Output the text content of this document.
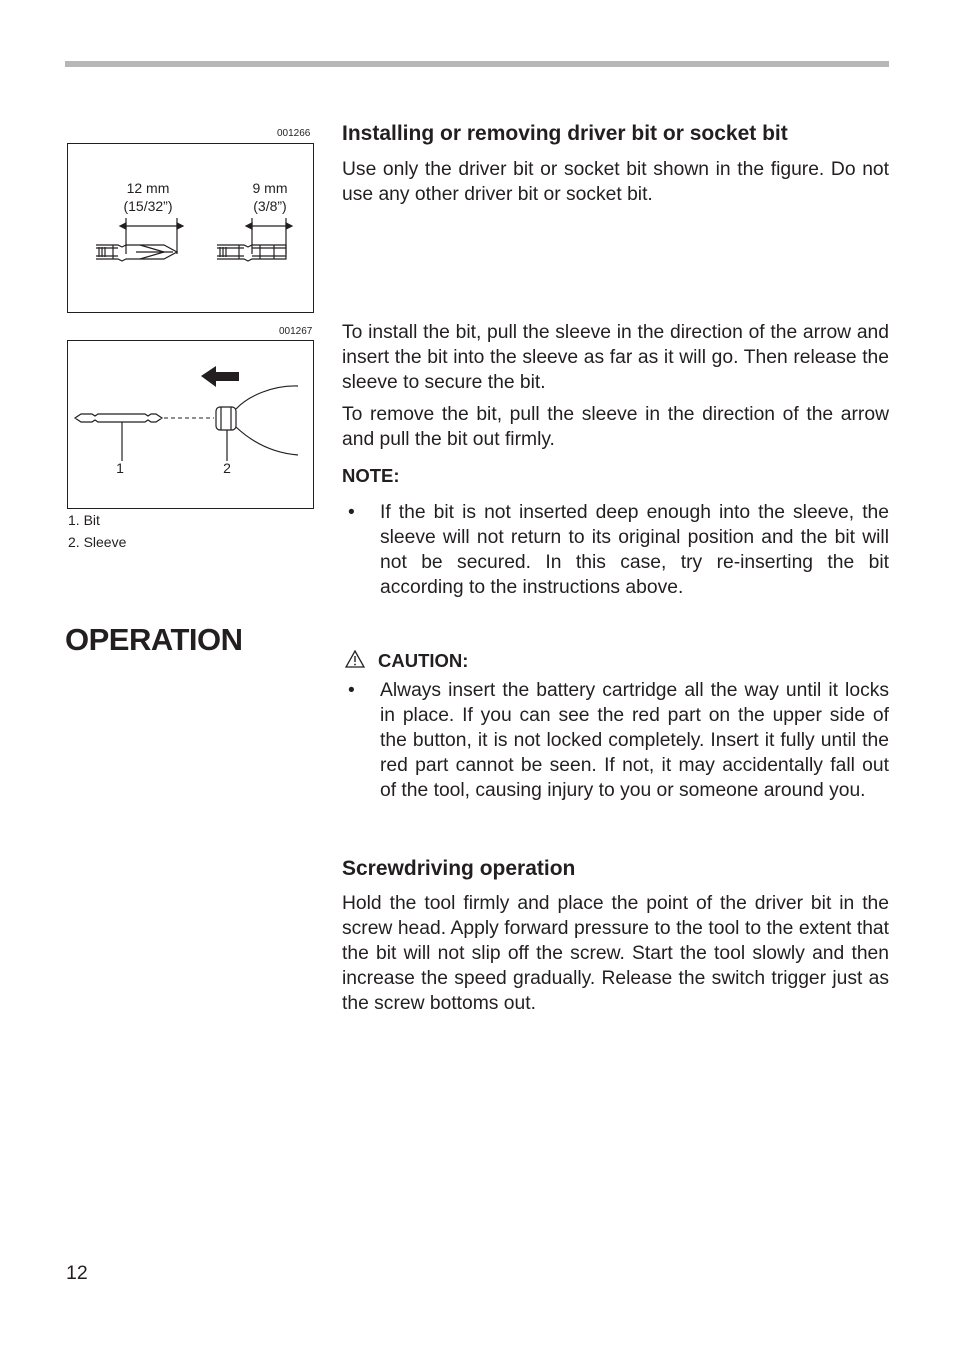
001266
12 mm
(15/32”)
9 mm
(3/8”)
001267
1	2
1. Bit
2. Sleeve
OPERATION
Installing or removing driver bit or socket bit

Use only the driver bit or socket bit shown in the figure. Do not use any other driver bit or socket bit.

To install the bit, pull the sleeve in the direction of the arrow and insert the bit into the sleeve as far as it will go. Then release the sleeve to secure the bit.

To remove the bit, pull the sleeve in the direction of the arrow and pull the bit out firmly.

NOTE:
• If the bit is not inserted deep enough into the sleeve, the sleeve will not return to its original position and the bit will not be secured. In this case, try re-inserting the bit according to the instructions above.

CAUTION:
• Always insert the battery cartridge all the way until it locks in place. If you can see the red part on the upper side of the button, it is not locked completely. Insert it fully until the red part cannot be seen. If not, it may accidentally fall out of the tool, causing injury to you or someone around you.

Screwdriving operation

Hold the tool firmly and place the point of the driver bit in the screw head. Apply forward pressure to the tool to the extent that the bit will not slip off the screw. Start the tool slowly and then increase the speed gradually. Release the switch trigger just as the screw bottoms out.

12
